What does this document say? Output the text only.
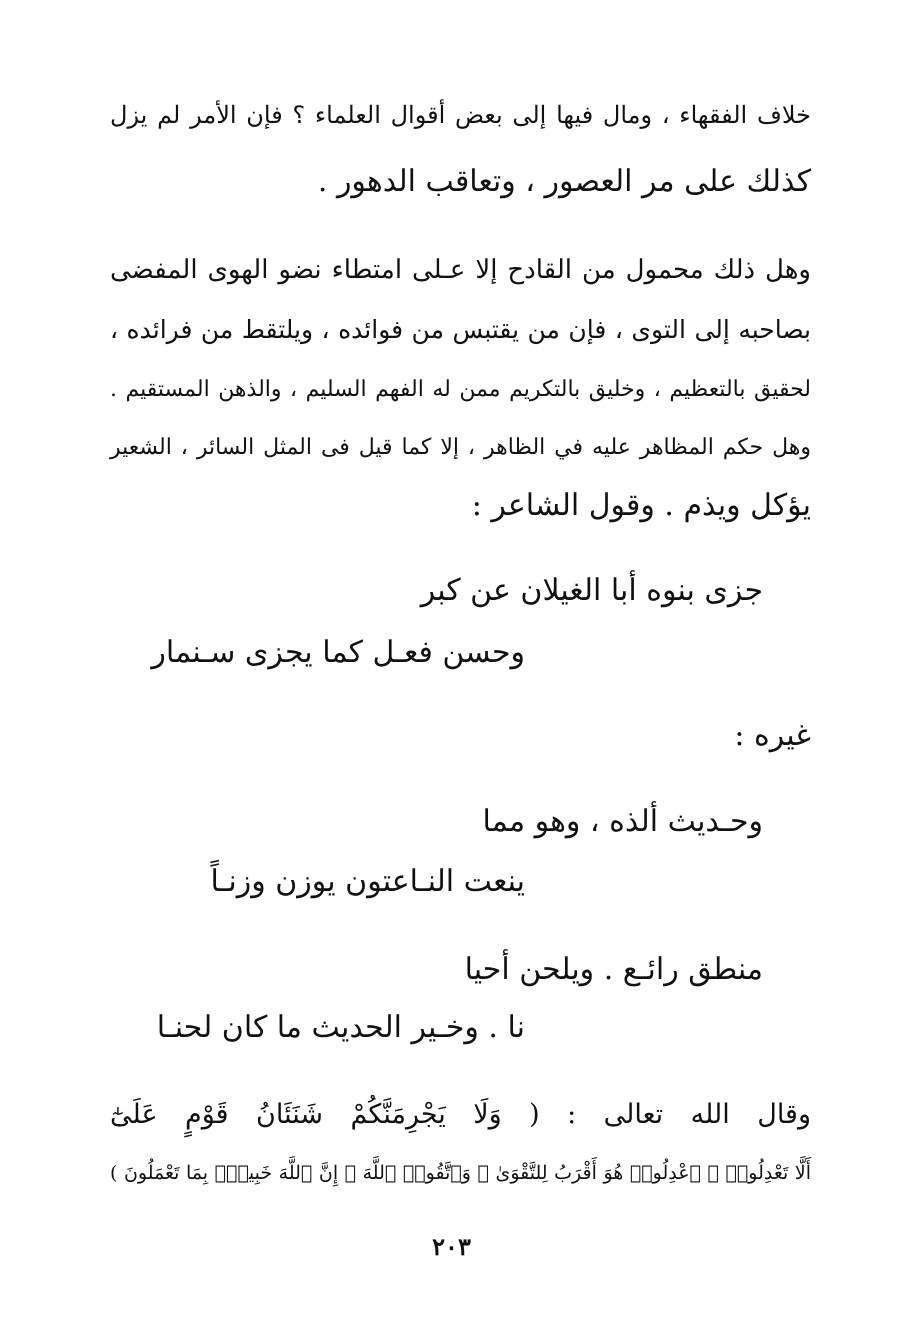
خلاف الفقهاء ، ومال فيها إلى بعض أقوال العلماء ؟ فإن الأمر لم يزل
كذلك على مر العصور ، وتعاقب الدهور .
وهل ذلك محمول من القادح إلا عـلى امتطاء نضو الهوى المفضى
بصاحبه إلى التوى ، فإن من يقتبس من فوائده ، ويلتقط من فرائده ،
لحقيق بالتعظيم ، وخليق بالتكريم ممن له الفهم السليم ، والذهن المستقيم .
وهل حكم المظاهر عليه في الظاهر ، إلا كما قيل فى المثل السائر ، الشعير
يؤكل ويذم . وقول الشاعر :
جزى بنوه أبا الغيلان عن كبر
وحسن فعـل كما يجزى سـنمار
غيره :
وحـديث ألذه ، وهو مما
ينعت النـاعتون يوزن وزنـاً
منطق رائـع . ويلحن أحيا
نا . وخـير الحديث ما كان لحنـا
وقال الله تعالى : ( وَلَا يَجْرِمَنَّكُمْ شَنَئَانُ قَوْمٍ عَلَىٰٓ
أَلَّا تَعْدِلُوا۟ ۚ ٱعْدِلُوا۟ هُوَ أَقْرَبُ لِلتَّقْوَىٰ ۖ وَٱتَّقُوا۟ ٱللَّهَ ۚ إِنَّ ٱللَّهَ خَبِيرٌۢ بِمَا تَعْمَلُونَ )
٢٠٣
